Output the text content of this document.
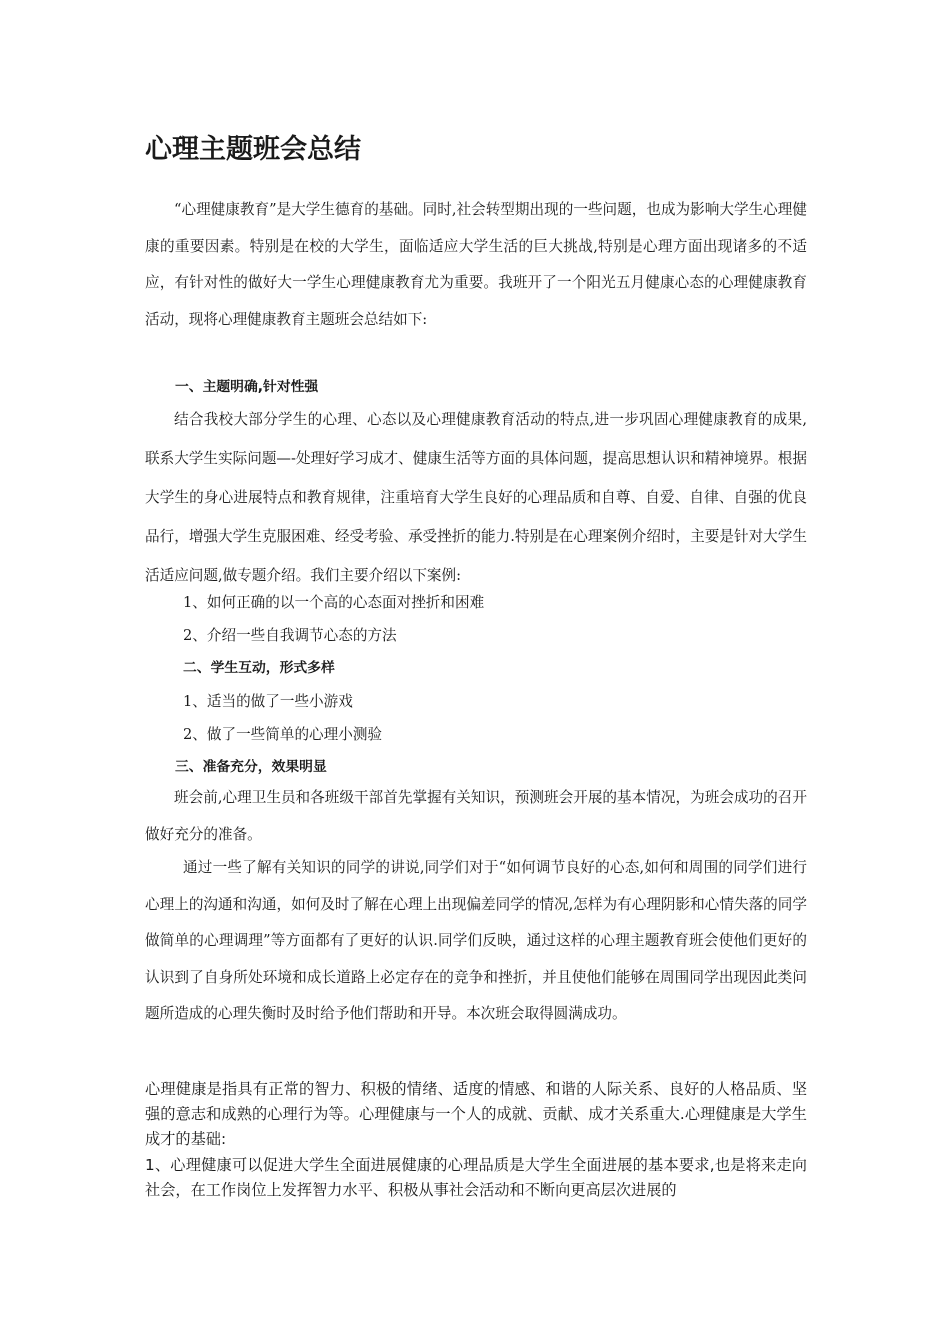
心理主题班会总结

“心理健康教育”是大学生德育的基础。同时,社会转型期出现的一些问题，也成为影响大学生心理健康的重要因素。特别是在校的大学生，面临适应大学生活的巨大挑战,特别是心理方面出现诸多的不适应，有针对性的做好大一学生心理健康教育尤为重要。我班开了一个阳光五月健康心态的心理健康教育活动，现将心理健康教育主题班会总结如下:

一、主题明确,针对性强

结合我校大部分学生的心理、心态以及心理健康教育活动的特点,进一步巩固心理健康教育的成果,联系大学生实际问题—-处理好学习成才、健康生活等方面的具体问题，提高思想认识和精神境界。根据大学生的身心进展特点和教育规律，注重培育大学生良好的心理品质和自尊、自爱、自律、自强的优良品行，增强大学生克服困难、经受考验、承受挫折的能力.特别是在心理案例介绍时，主要是针对大学生活适应问题,做专题介绍。我们主要介绍以下案例:

1、如何正确的以一个高的心态面对挫折和困难
2、介绍一些自我调节心态的方法
二、学生互动，形式多样
1、适当的做了一些小游戏
2、做了一些简单的心理小测验
三、准备充分，效果明显

班会前,心理卫生员和各班级干部首先掌握有关知识，预测班会开展的基本情况，为班会成功的召开做好充分的准备。

通过一些了解有关知识的同学的讲说,同学们对于“如何调节良好的心态,如何和周围的同学们进行心理上的沟通和沟通，如何及时了解在心理上出现偏差同学的情况,怎样为有心理阴影和心情失落的同学做简单的心理调理”等方面都有了更好的认识.同学们反映，通过这样的心理主题教育班会使他们更好的认识到了自身所处环境和成长道路上必定存在的竞争和挫折，并且使他们能够在周围同学出现因此类问题所造成的心理失衡时及时给予他们帮助和开导。本次班会取得圆满成功。

心理健康是指具有正常的智力、积极的情绪、适度的情感、和谐的人际关系、良好的人格品质、坚强的意志和成熟的心理行为等。心理健康与一个人的成就、贡献、成才关系重大.心理健康是大学生成才的基础:

1、心理健康可以促进大学生全面进展健康的心理品质是大学生全面进展的基本要求,也是将来走向社会，在工作岗位上发挥智力水平、积极从事社会活动和不断向更高层次进展的
